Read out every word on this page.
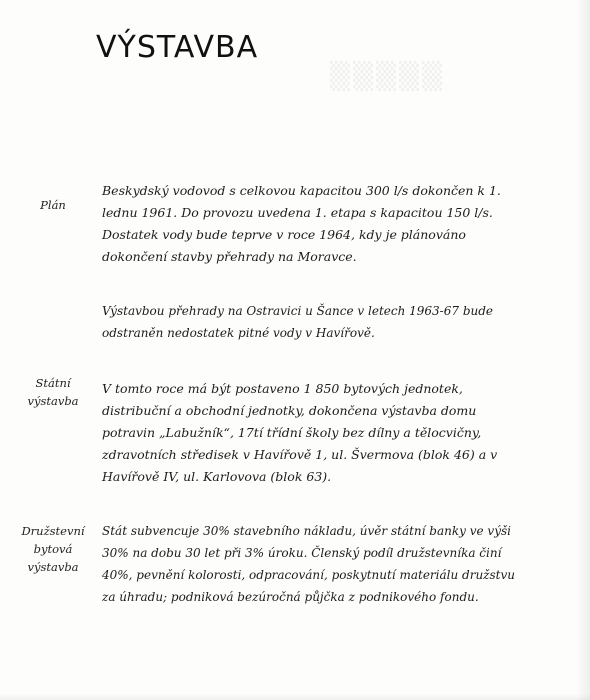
▒▒▒▒▒
VÝSTAVBA
Plán

Beskydský vodovod s celkovou kapacitou 300 l/s dokončen k 1. lednu 1961. Do provozu uvedena 1. etapa s kapacitou 150 l/s. Dostatek vody bude teprve v roce 1964, kdy je plánováno dokončení stavby přehrady na Moravce.

Výstavbou přehrady na Ostravici u Šance v letech 1963-67 bude odstraněn nedostatek pitné vody v Havířově.

Státní výstavba

V tomto roce má být postaveno 1 850 bytových jednotek, distribuční a obchodní jednotky, dokončena výstavba domu potravin „Labužník“, 17tí třídní školy bez dílny a tělocvičny, zdravotních středisek v Havířově 1, ul. Švermova (blok 46) a v Havířově IV, ul. Karlovova (blok 63).

Družstevní bytová výstavba

Stát subvencuje 30% stavebního nákladu, úvěr státní banky ve výši 30% na dobu 30 let při 3% úroku. Členský podíl družstevníka činí 40%, pevnění kolorosti, odpracování, poskytnutí materiálu družstvu za úhradu; podniková bezúročná půjčka z podnikového fondu.
